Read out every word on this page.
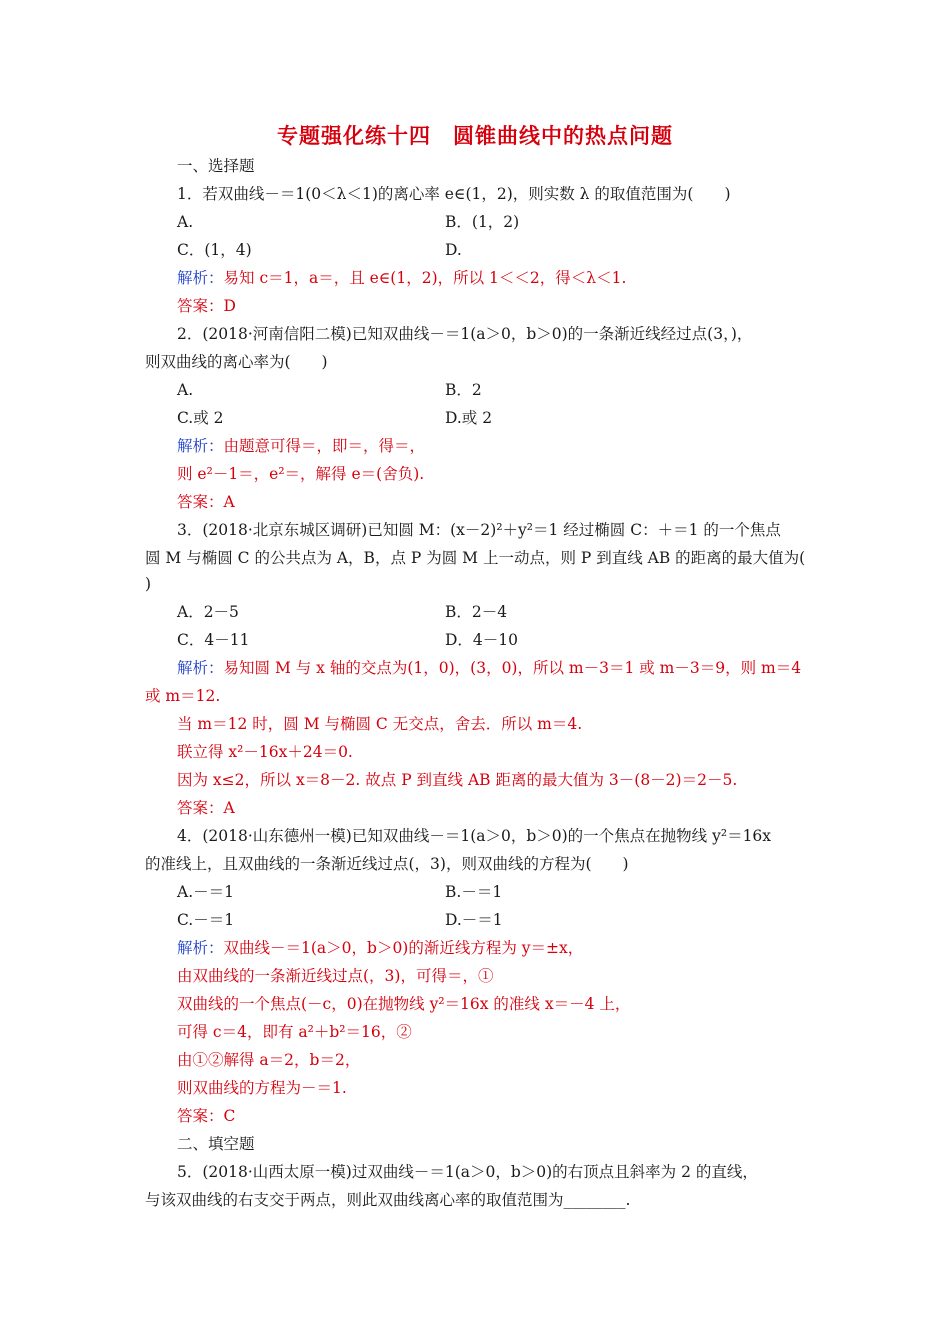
专题强化练十四　圆锥曲线中的热点问题
一、选择题
1．若双曲线－＝1(0＜λ＜1)的离心率 e∈(1，2)，则实数 λ 的取值范围为(　　)
A.	B．(1，2)
C．(1，4)	D.
解析：易知 c＝1，a＝，且 e∈(1，2)，所以 1＜＜2，得＜λ＜1.
答案：D
2．(2018·河南信阳二模)已知双曲线－＝1(a＞0，b＞0)的一条渐近线经过点(3，)，
则双曲线的离心率为(　　)
A.	B．2
C.或 2	D.或 2
解析：由题意可得＝，即＝，得＝，
则 e²－1＝，e²＝，解得 e＝(舍负).
答案：A
3．(2018·北京东城区调研)已知圆 M：(x－2)²＋y²＝1 经过椭圆 C：＋＝1 的一个焦点
圆 M 与椭圆 C 的公共点为 A，B，点 P 为圆 M 上一动点，则 P 到直线 AB 的距离的最大值为(
)
A．2－5	B．2－4
C．4－11	D．4－10
解析：易知圆 M 与 x 轴的交点为(1，0)，(3，0)，所以 m－3＝1 或 m－3＝9，则 m＝4
或 m＝12.
当 m＝12 时，圆 M 与椭圆 C 无交点，舍去．所以 m＝4.
联立得 x²－16x＋24＝0.
因为 x≤2，所以 x＝8－2. 故点 P 到直线 AB 距离的最大值为 3－(8－2)＝2－5.
答案：A
4．(2018·山东德州一模)已知双曲线－＝1(a＞0，b＞0)的一个焦点在抛物线 y²＝16x
的准线上，且双曲线的一条渐近线过点(，3)，则双曲线的方程为(　　)
A.－＝1	B.－＝1
C.－＝1	D.－＝1
解析：双曲线－＝1(a＞0，b＞0)的渐近线方程为 y＝±x，
由双曲线的一条渐近线过点(，3)，可得＝，①
双曲线的一个焦点(－c，0)在抛物线 y²＝16x 的准线 x＝－4 上，
可得 c＝4，即有 a²＋b²＝16，②
由①②解得 a＝2，b＝2，
则双曲线的方程为－＝1.
答案：C
二、填空题
5．(2018·山西太原一模)过双曲线－＝1(a＞0，b＞0)的右顶点且斜率为 2 的直线，
与该双曲线的右支交于两点，则此双曲线离心率的取值范围为________.
